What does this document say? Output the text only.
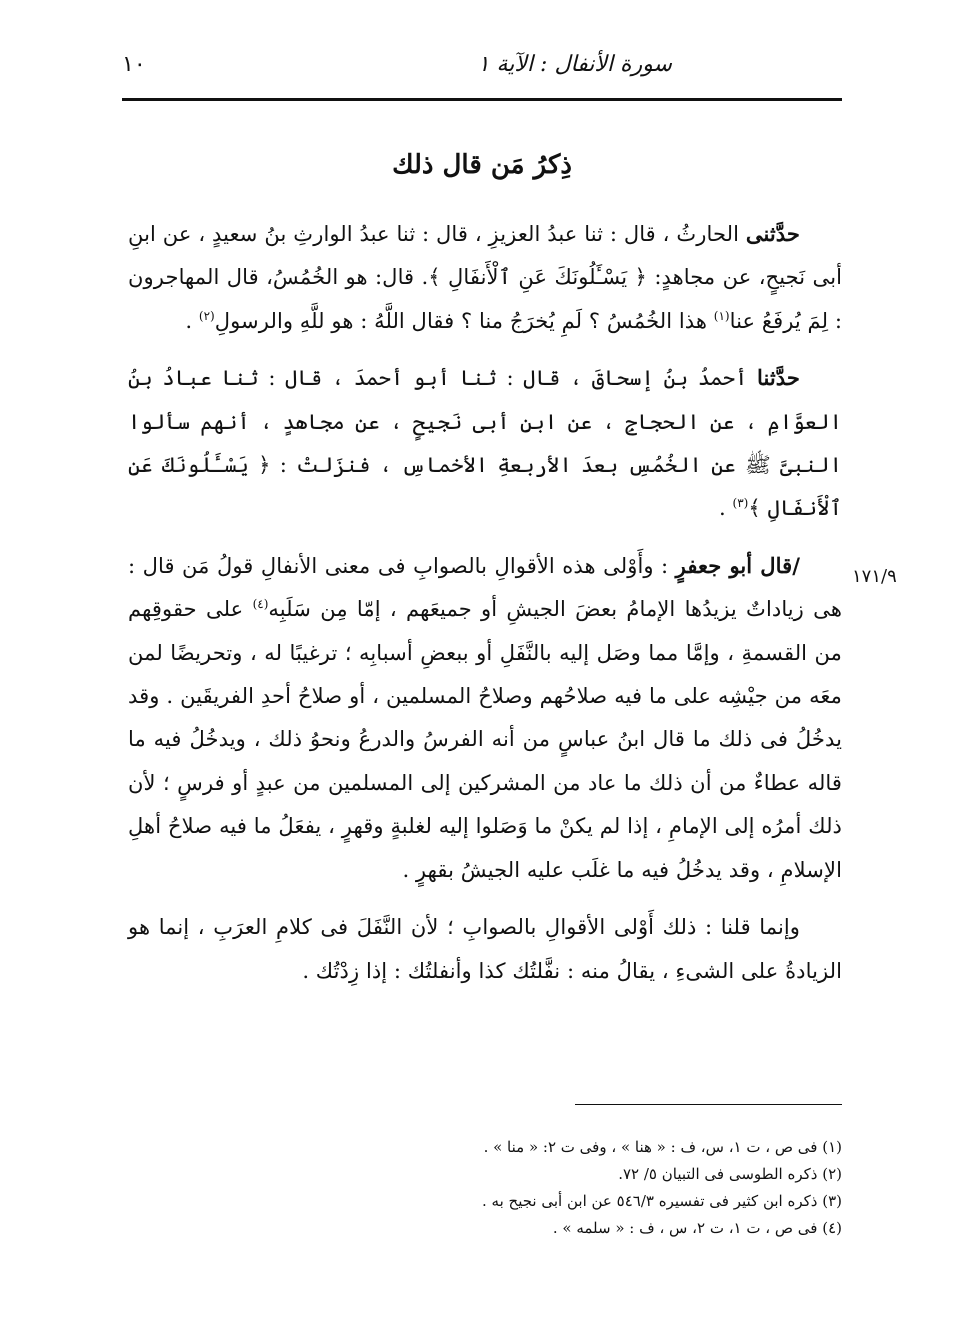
١٠	سورة الأنفال : الآية ١
ذِكرُ مَن قال ذلك
١٧١/٩

حدَّثنى الحارثُ ، قال : ثنا عبدُ العزيزِ ، قال : ثنا عبدُ الوارثِ بنُ سعيدٍ ، عن ابنِ أبى نَجيحٍ، عن مجاهدٍ: ﴿ يَسْـَٔلُونَكَ عَنِ ٱلْأَنفَالِ ﴾. قال: هو الخُمُسُ، قال المهاجرون : لِمَ يُرفَعُ عنا$^{(١)}$ هذا الخُمُسُ ؟ لَمِ يُخرَجُ منا ؟ فقال اللَّهُ : هو للَّهِ والرسولِ$^{(٢)}$ .

حدَّثنا أحمدُ بنُ إسحاقَ ، قال : ثنا أبو أحمدَ ، قال : ثنا عبادُ بنُ العوَّامِ ، عن الحجاجِ ، عن ابنِ أبى نَجيحٍ ، عن مجاهدٍ ، أنهم سألوا النبىَّ ﷺ عن الخُمُسِ بعدَ الأربعةِ الأخماسِ ، فنزَلتْ : ﴿ يَسْـَٔلُونَكَ عَنِ ٱلْأَنفَالِ ﴾$^{(٣)}$ .

/قال أبو جعفرٍ : وأَوْلى هذه الأقوالِ بالصوابِ فى معنى الأنفالِ قولُ مَن قال : هى زياداتٌ يزيدُها الإمامُ بعضَ الجيشِ أو جميعَهم ، إمّا مِن سَلَبِه$^{(٤)}$ على حقوقِهم من القسمةِ ، وإمَّا مما وصَل إليه بالنَّفَلِ أو ببعضِ أسبابِه ؛ ترغيبًا له ، وتحريضًا لمن معَه من جيْشِه على ما فيه صلاحُهم وصلاحُ المسلمين ، أو صلاحُ أحدِ الفريقَين . وقد يدخُلُ فى ذلك ما قال ابنُ عباسٍ من أنه الفرسُ والدرعُ ونحوُ ذلك ، ويدخُلُ فيه ما قاله عطاءٌ من أن ذلك ما عاد من المشركين إلى المسلمين من عبدٍ أو فرسٍ ؛ لأن ذلك أمرُه إلى الإمامِ ، إذا لم يكنْ ما وَصَلوا إليه لغلبةٍ وقهرٍ ، يفعَلُ ما فيه صلاحُ أهلِ الإسلامِ ، وقد يدخُلُ فيه ما غلَب عليه الجيشُ بقهرٍ .

وإنما قلنا : ذلك أَوْلى الأقوالِ بالصوابِ ؛ لأن النَّفَلَ فى كلامِ العرَبِ ، إنما هو الزيادةُ على الشىءِ ، يقالُ منه : نفَّلتُك كذا وأنفلتُك : إذا زِدْتُك .

(١) فى ص ، ت ١، س، ف : « هنا » ، وفى ت ٢: « منا » .

(٢) ذكره الطوسى فى التبيان ٥/ ٧٢.

(٣) ذكره ابن كثير فى تفسيره ٥٤٦/٣ عن ابن أبى نجيح به .

(٤) فى ص ، ت ١، ت ٢، س ، ف : « سلمه » .
